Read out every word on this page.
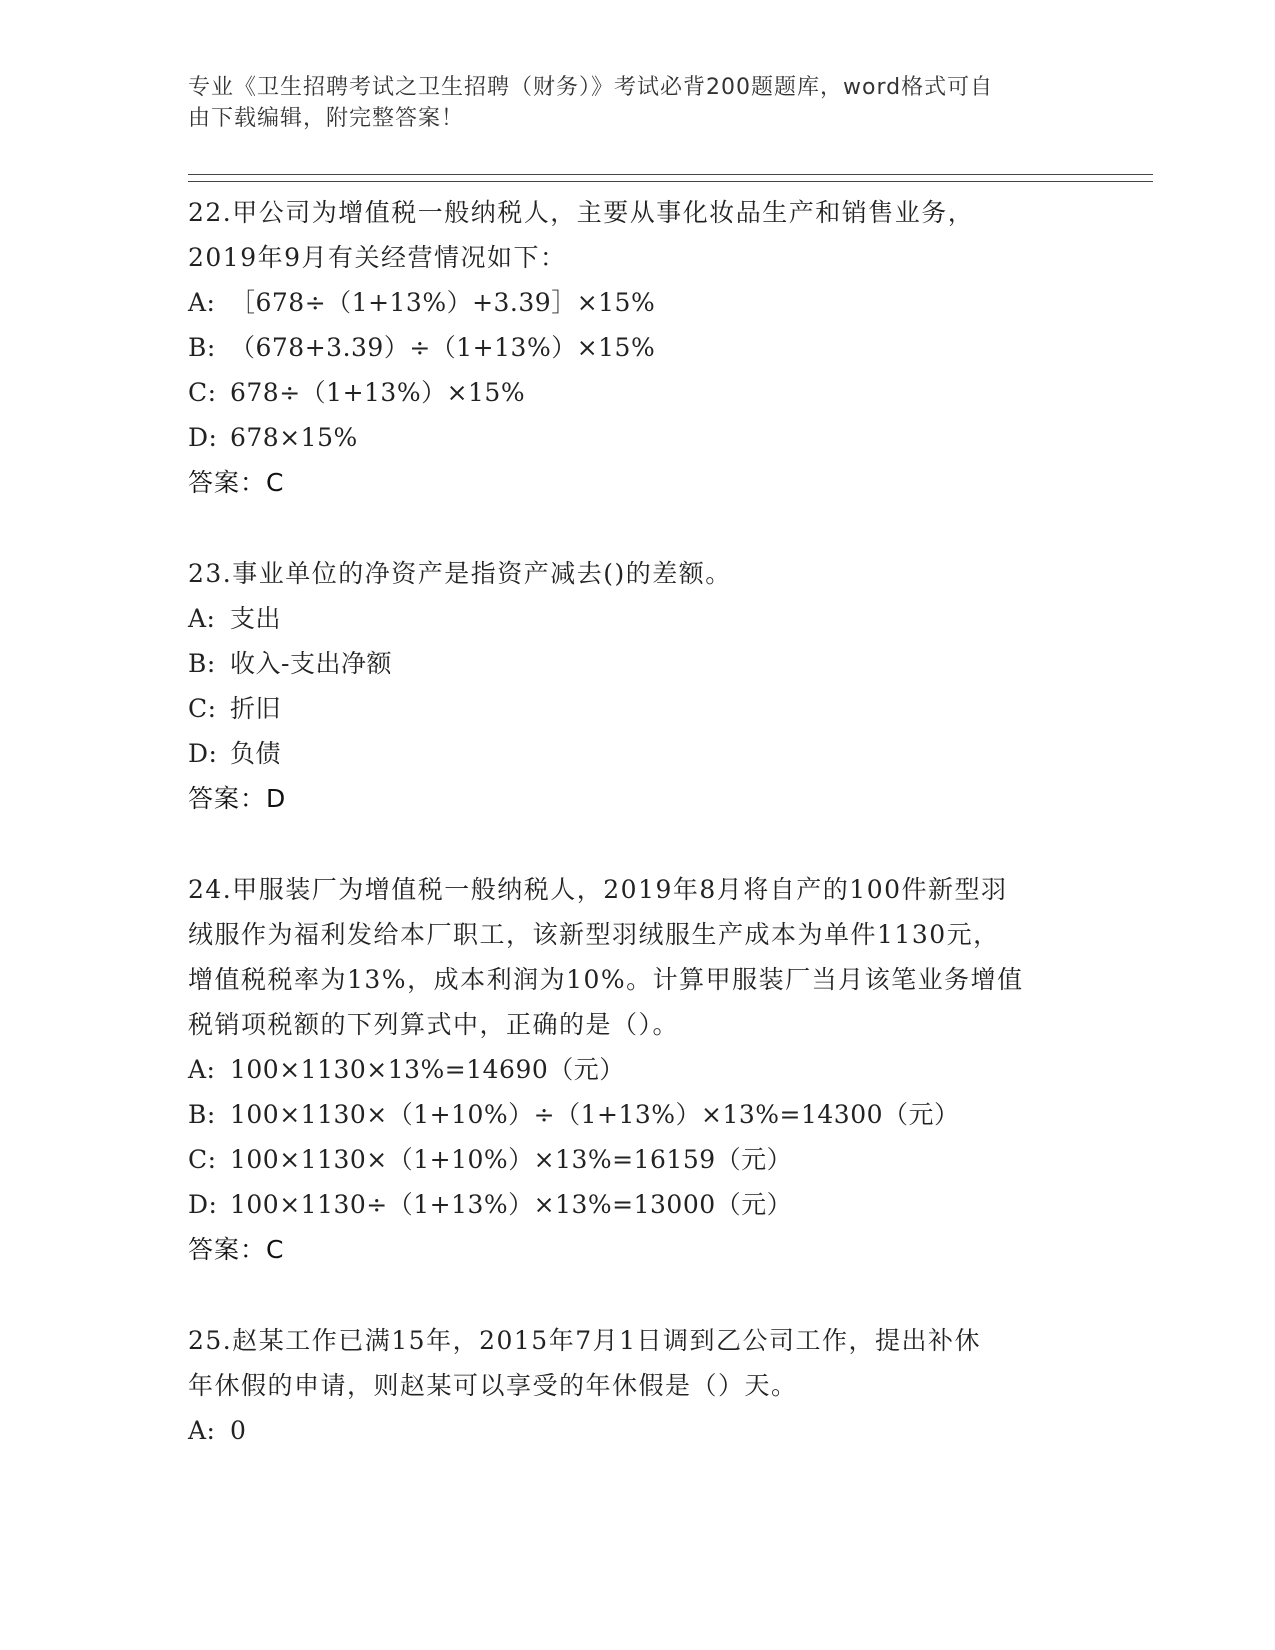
专业《卫生招聘考试之卫生招聘（财务）》考试必背200题题库，word格式可自
由下载编辑，附完整答案！
22.甲公司为增值税一般纳税人，主要从事化妆品生产和销售业务，
2019年9月有关经营情况如下：
A: ［678÷（1+13%）+3.39］×15%
B: （678+3.39）÷（1+13%）×15%
C: 678÷（1+13%）×15%
D: 678×15%
答案：C
23.事业单位的净资产是指资产减去()的差额。
A: 支出
B: 收入-支出净额
C: 折旧
D: 负债
答案：D
24.甲服装厂为增值税一般纳税人，2019年8月将自产的100件新型羽
绒服作为福利发给本厂职工，该新型羽绒服生产成本为单件1130元，
增值税税率为13%，成本利润为10%。计算甲服装厂当月该笔业务增值
税销项税额的下列算式中，正确的是（）。
A: 100×1130×13%=14690（元）
B: 100×1130×（1+10%）÷（1+13%）×13%=14300（元）
C: 100×1130×（1+10%）×13%=16159（元）
D: 100×1130÷（1+13%）×13%=13000（元）
答案：C
25.赵某工作已满15年，2015年7月1日调到乙公司工作，提出补休
年休假的申请，则赵某可以享受的年休假是（）天。
A: 0
